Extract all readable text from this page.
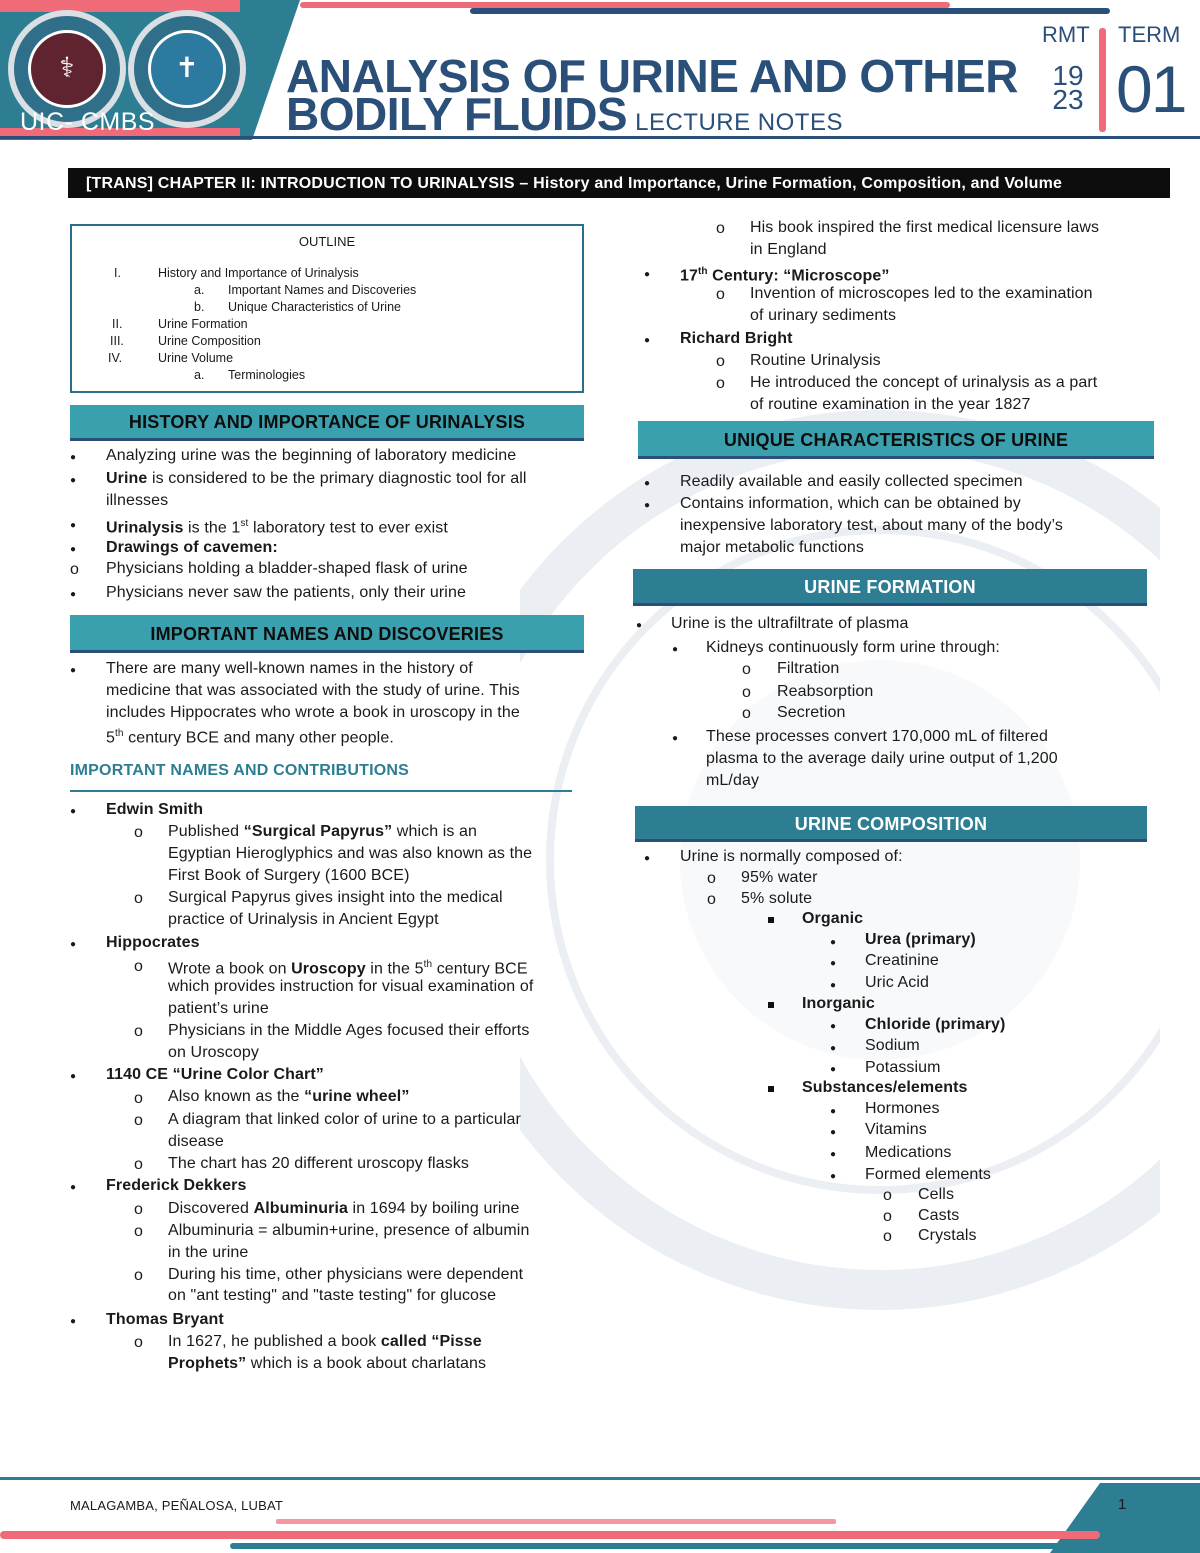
⚕	✝
UIC- CMBS
ANALYSIS OF URINE AND OTHER
BODILY FLUIDS LECTURE NOTES
RMT TERM
19
23 01
[TRANS] CHAPTER II: INTRODUCTION TO URINALYSIS – History and Importance, Urine Formation, Composition, and Volume
OUTLINE
I.	History and Importance of Urinalysis
a. Important Names and Discoveries
b. Unique Characteristics of Urine
II.	Urine Formation
III.	Urine Composition
IV.	Urine Volume
a. Terminologies
HISTORY AND IMPORTANCE OF URINALYSIS
● Analyzing urine was the beginning of laboratory medicine
● Urine is considered to be the primary diagnostic tool for all
illnesses
● Urinalysis is the 1st laboratory test to ever exist
● Drawings of cavemen:
o Physicians holding a bladder-shaped flask of urine
● Physicians never saw the patients, only their urine
IMPORTANT NAMES AND DISCOVERIES
● There are many well-known names in the history of
medicine that was associated with the study of urine. This
includes Hippocrates who wrote a book in uroscopy in the
5th century BCE and many other people.
IMPORTANT NAMES AND CONTRIBUTIONS
● Edwin Smith
o Published “Surgical Papyrus” which is an
Egyptian Hieroglyphics and was also known as the
First Book of Surgery (1600 BCE)
o Surgical Papyrus gives insight into the medical
practice of Urinalysis in Ancient Egypt
● Hippocrates
o Wrote a book on Uroscopy in the 5th century BCE
which provides instruction for visual examination of
patient’s urine
o Physicians in the Middle Ages focused their efforts
on Uroscopy
● 1140 CE “Urine Color Chart”
o Also known as the “urine wheel”
o A diagram that linked color of urine to a particular
disease
o The chart has 20 different uroscopy flasks
● Frederick Dekkers
o Discovered Albuminuria in 1694 by boiling urine
o Albuminuria = albumin+urine, presence of albumin
in the urine
o During his time, other physicians were dependent
on "ant testing" and "taste testing" for glucose
● Thomas Bryant
o In 1627, he published a book called “Pisse
Prophets” which is a book about charlatans
o His book inspired the first medical licensure laws
in England
● 17th Century: “Microscope”
o Invention of microscopes led to the examination
of urinary sediments
● Richard Bright
o Routine Urinalysis
o He introduced the concept of urinalysis as a part
of routine examination in the year 1827
UNIQUE CHARACTERISTICS OF URINE
● Readily available and easily collected specimen
● Contains information, which can be obtained by
inexpensive laboratory test, about many of the body’s
major metabolic functions
URINE FORMATION
● Urine is the ultrafiltrate of plasma
● Kidneys continuously form urine through:
o Filtration
o Reabsorption
o Secretion
● These processes convert 170,000 mL of filtered
plasma to the average daily urine output of 1,200
mL/day
URINE COMPOSITION
● Urine is normally composed of:
o 95% water
o 5% solute
Organic
● Urea (primary)
● Creatinine
● Uric Acid
Inorganic
● Chloride (primary)
● Sodium
● Potassium
Substances/elements
● Hormones
● Vitamins
● Medications
● Formed elements
o Cells
o Casts
o Crystals
MALAGAMBA, PEÑALOSA, LUBAT	1
